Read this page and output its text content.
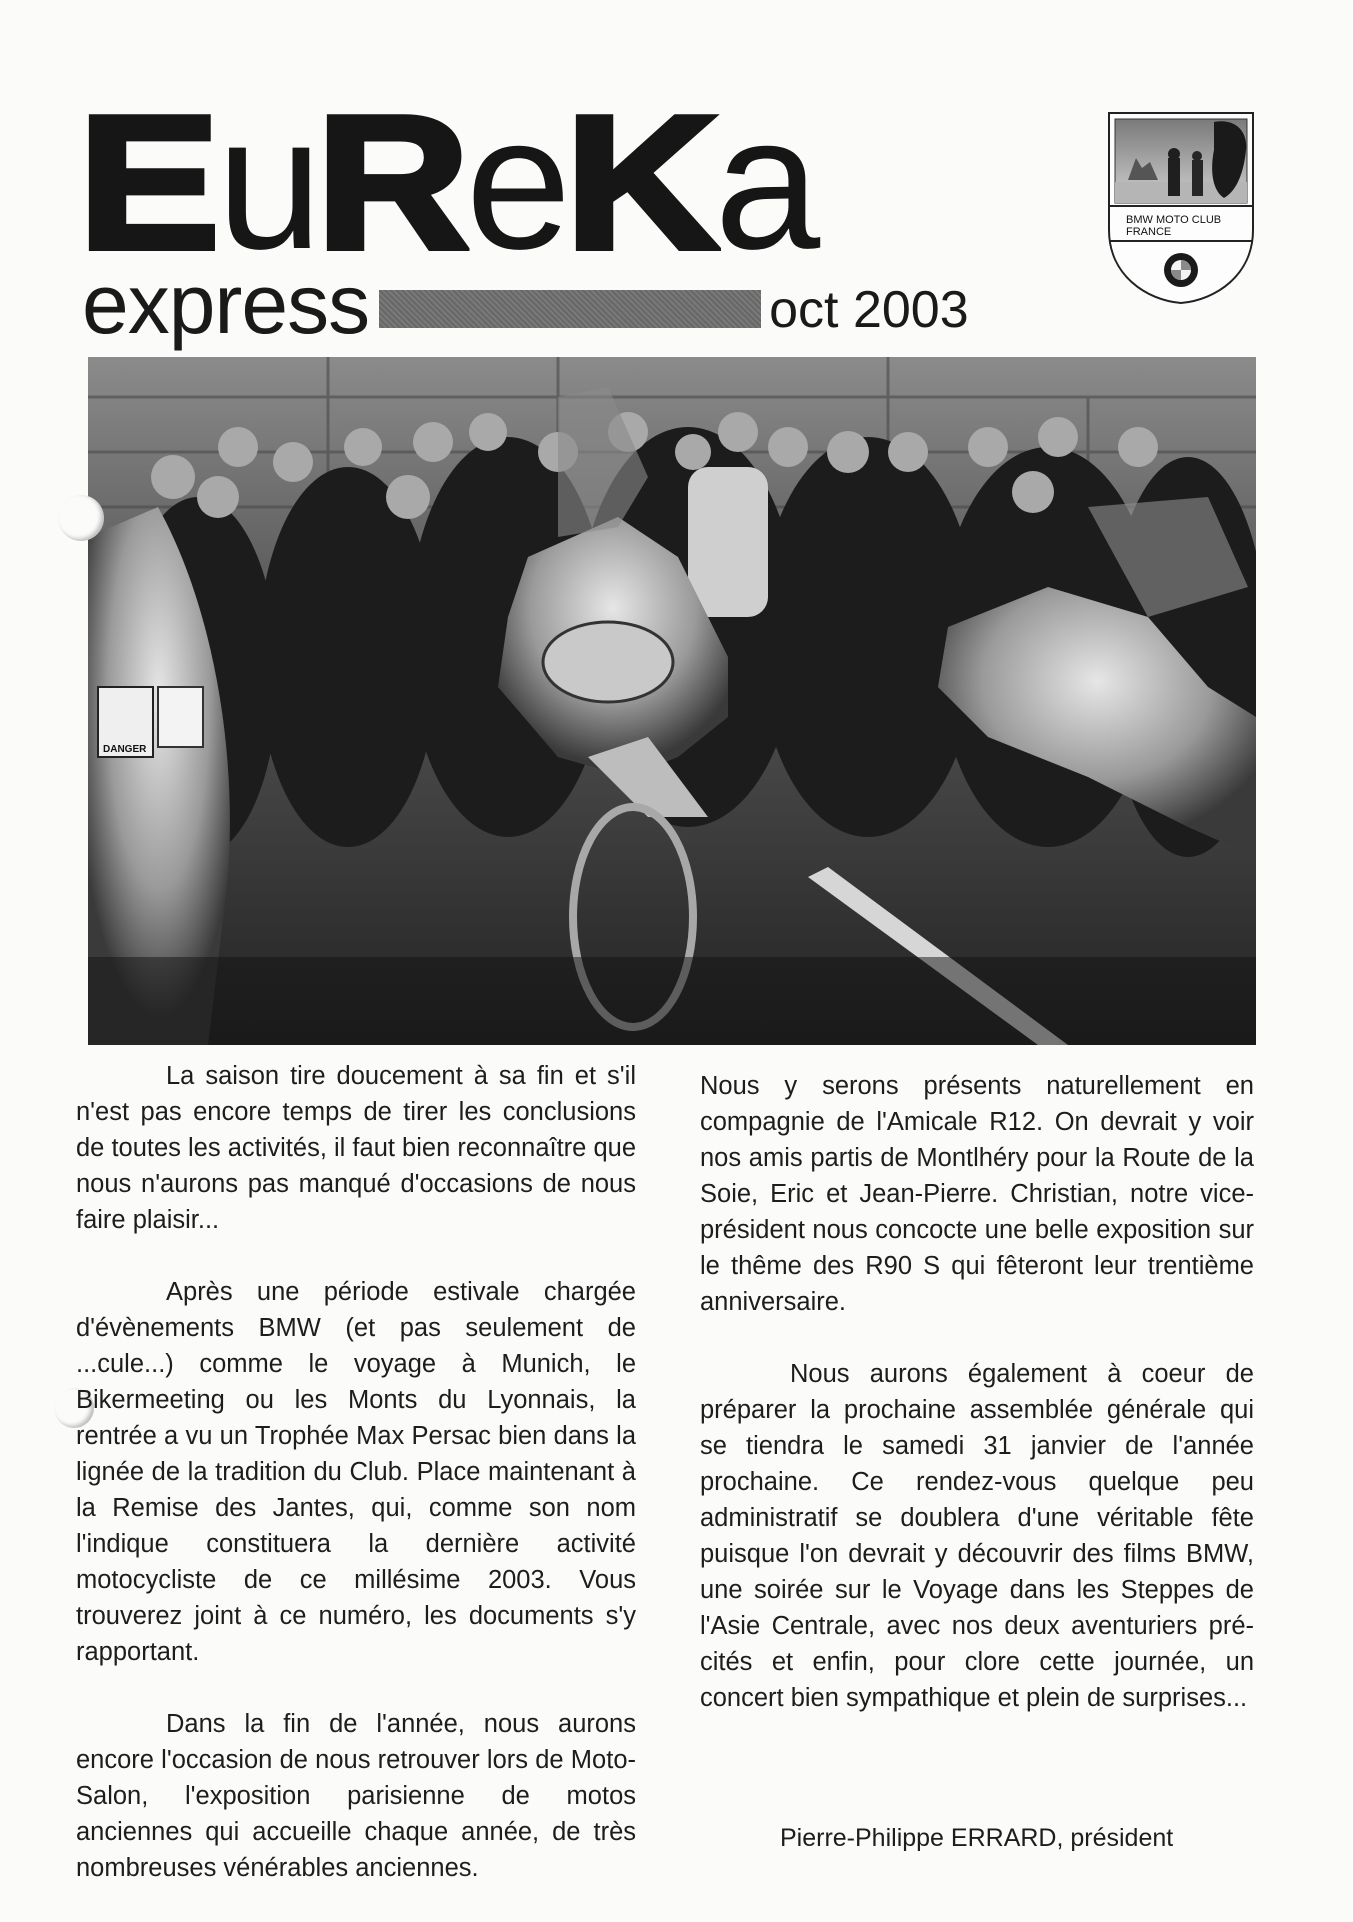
EuReKa
express	oct 2003
BMW MOTO CLUB
FRANCE
DANGER

La saison tire doucement à sa fin et s'il n'est pas encore temps de tirer les conclusions de toutes les activités, il faut bien reconnaître que nous n'aurons pas manqué d'occasions de nous faire plaisir...

Après une période estivale chargée d'évènements BMW (et pas seulement de ...cule...) comme le voyage à Munich, le Bikermeeting ou les Monts du Lyonnais, la rentrée a vu un Trophée Max Persac bien dans la lignée de la tradition du Club. Place maintenant à la Remise des Jantes, qui, comme son nom l'indique constituera la dernière activité motocycliste de ce millésime 2003. Vous trouverez joint à ce numéro, les documents s'y rapportant.

Dans la fin de l'année, nous aurons encore l'occasion de nous retrouver lors de Moto-Salon, l'exposition parisienne de motos anciennes qui accueille chaque année, de très nombreuses vénérables anciennes.

Nous y serons présents naturellement en compagnie de l'Amicale R12. On devrait y voir nos amis partis de Montlhéry pour la Route de la Soie, Eric et Jean-Pierre. Christian, notre vice-président nous concocte une belle exposition sur le thême des R90 S qui fêteront leur trentième anniversaire.

Nous aurons également à coeur de préparer la prochaine assemblée générale qui se tiendra le samedi 31 janvier de l'année prochaine. Ce rendez-vous quelque peu administratif se doublera d'une véritable fête puisque l'on devrait y découvrir des films BMW, une soirée sur le Voyage dans les Steppes de l'Asie Centrale, avec nos deux aventuriers pré-cités et enfin, pour clore cette journée, un concert bien sympathique et plein de surprises...

Pierre-Philippe ERRARD, président
